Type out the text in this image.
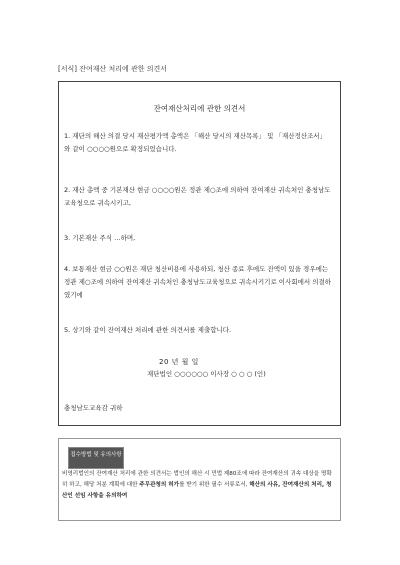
[서식] 잔여재산 처리에 관한 의견서
잔여재산처리에 관한 의견서
1. 재단의 해산 의결 당시 재산평가액 총액은 「해산 당시의 재산목록」 및 「재산정산조서」 와 같이 ○○○○원으로 확정되었습니다.
2. 재산 총액 중 기본재산 현금 ○○○○원은 정관 제○조에 의하여 잔여재산 귀속처인 충청남도교육청으로 귀속시키고,
3. 기본재산 주식 …하며,
4. 보통재산 현금 ○○원은 재단 청산비용에 사용하되, 청산 종료 후에도 잔액이 있을 경우에는 정관 제○조에 의하여 잔여재산 귀속처인 충청남도교육청으로 귀속시키기로 이사회에서 의결하였기에
5. 상기와 같이 잔여재산 처리에 관한 의견서를 제출합니다.
20 년 월 일
재단법인 ○○○○○○ 이사장 ○ ○ ○ (인)
충청남도교육감 귀하
접수방법 및 유의사항
비영리법인의 잔여재산 처리에 관한 의견서는 법인의 해산 시 민법 제80조에 따라 잔여재산의 귀속 대상을 명확히 하고, 해당 처분 계획에 대한 주무관청의 허가를 받기 위한 필수 서류로서, 해산의 사유, 잔여재산의 처리, 청산인 선임 사항을 유의하여
